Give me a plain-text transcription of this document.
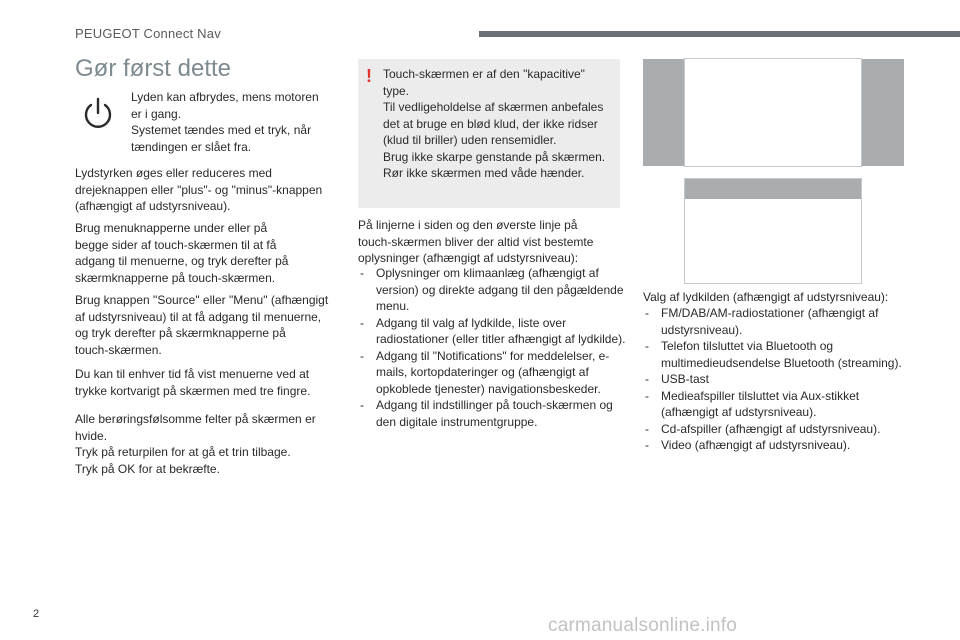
PEUGEOT Connect Nav
Gør først dette

Lyden kan afbrydes, mens motoren
er i gang.
Systemet tændes med et tryk, når
tændingen er slået fra.

Lydstyrken øges eller reduceres med
drejeknappen eller "plus"- og "minus"-knappen
(afhængigt af udstyrsniveau).

Brug menuknapperne under eller på
begge sider af touch-skærmen til at få
adgang til menuerne, og tryk derefter på
skærmknapperne på touch-skærmen.

Brug knappen "Source" eller "Menu" (afhængigt
af udstyrsniveau) til at få adgang til menuerne,
og tryk derefter på skærmknapperne på
touch-skærmen.

Du kan til enhver tid få vist menuerne ved at
trykke kortvarigt på skærmen med tre fingre.

Alle berøringsfølsomme felter på skærmen er
hvide.
Tryk på returpilen for at gå et trin tilbage.
Tryk på OK for at bekræfte.

! Touch-skærmen er af den "kapacitive"
type.
Til vedligeholdelse af skærmen anbefales
det at bruge en blød klud, der ikke ridser
(klud til briller) uden rensemidler.
Brug ikke skarpe genstande på skærmen.
Rør ikke skærmen med våde hænder.

På linjerne i siden og den øverste linje på
touch-skærmen bliver der altid vist bestemte
oplysninger (afhængigt af udstyrsniveau):

- Oplysninger om klimaanlæg (afhængigt af version) og direkte adgang til den pågældende menu.
- Adgang til valg af lydkilde, liste over radiostationer (eller titler afhængigt af lydkilde).
- Adgang til "Notifications" for meddelelser, e-mails, kortopdateringer og (afhængigt af opkoblede tjenester) navigationsbeskeder.
- Adgang til indstillinger på touch-skærmen og den digitale instrumentgruppe.

Valg af lydkilden (afhængigt af udstyrsniveau):

- FM/DAB/AM-radiostationer (afhængigt af udstyrsniveau).
- Telefon tilsluttet via Bluetooth og multimedieudsendelse Bluetooth (streaming).
- USB-tast
- Medieafspiller tilsluttet via Aux-stikket (afhængigt af udstyrsniveau).
- Cd-afspiller (afhængigt af udstyrsniveau).
- Video (afhængigt af udstyrsniveau).
2
carmanualsonline.info
